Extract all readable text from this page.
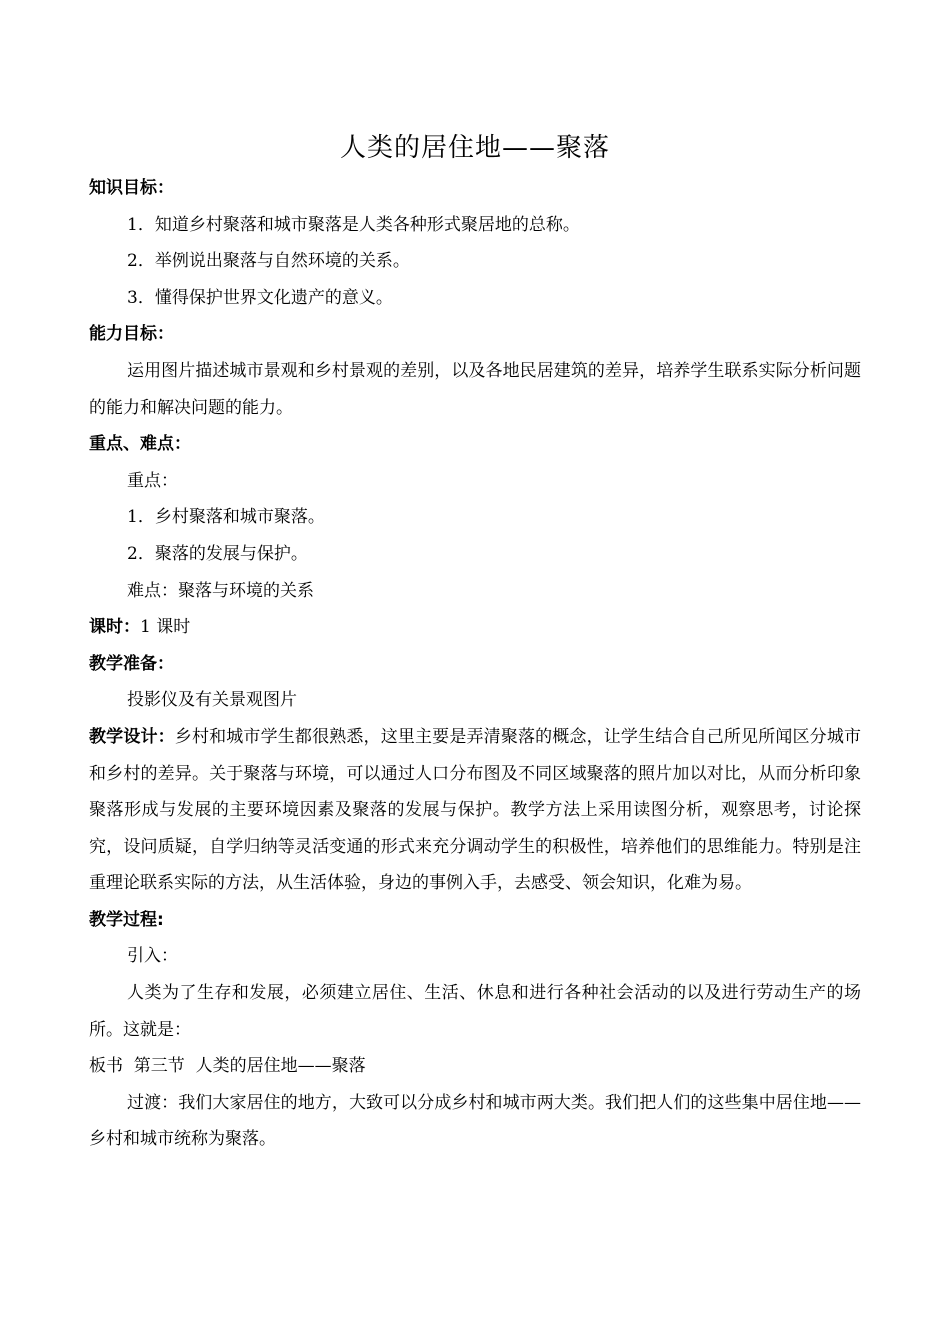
人类的居住地——聚落
知识目标：
1．知道乡村聚落和城市聚落是人类各种形式聚居地的总称。
2．举例说出聚落与自然环境的关系。
3．懂得保护世界文化遗产的意义。
能力目标：

运用图片描述城市景观和乡村景观的差别，以及各地民居建筑的差异，培养学生联系实际分析问题的能力和解决问题的能力。

重点、难点：
重点：
1．乡村聚落和城市聚落。
2．聚落的发展与保护。
难点：聚落与环境的关系
课时：1 课时
教学准备：
投影仪及有关景观图片

教学设计：乡村和城市学生都很熟悉，这里主要是弄清聚落的概念，让学生结合自己所见所闻区分城市和乡村的差异。关于聚落与环境，可以通过人口分布图及不同区域聚落的照片加以对比，从而分析印象聚落形成与发展的主要环境因素及聚落的发展与保护。教学方法上采用读图分析，观察思考，讨论探究，设问质疑，自学归纳等灵活变通的形式来充分调动学生的积极性，培养他们的思维能力。特别是注重理论联系实际的方法，从生活体验，身边的事例入手，去感受、领会知识，化难为易。

教学过程:
引入：

人类为了生存和发展，必须建立居住、生活、休息和进行各种社会活动的以及进行劳动生产的场所。这就是：

板书  第三节  人类的居住地——聚落

过渡：我们大家居住的地方，大致可以分成乡村和城市两大类。我们把人们的这些集中居住地——乡村和城市统称为聚落。
